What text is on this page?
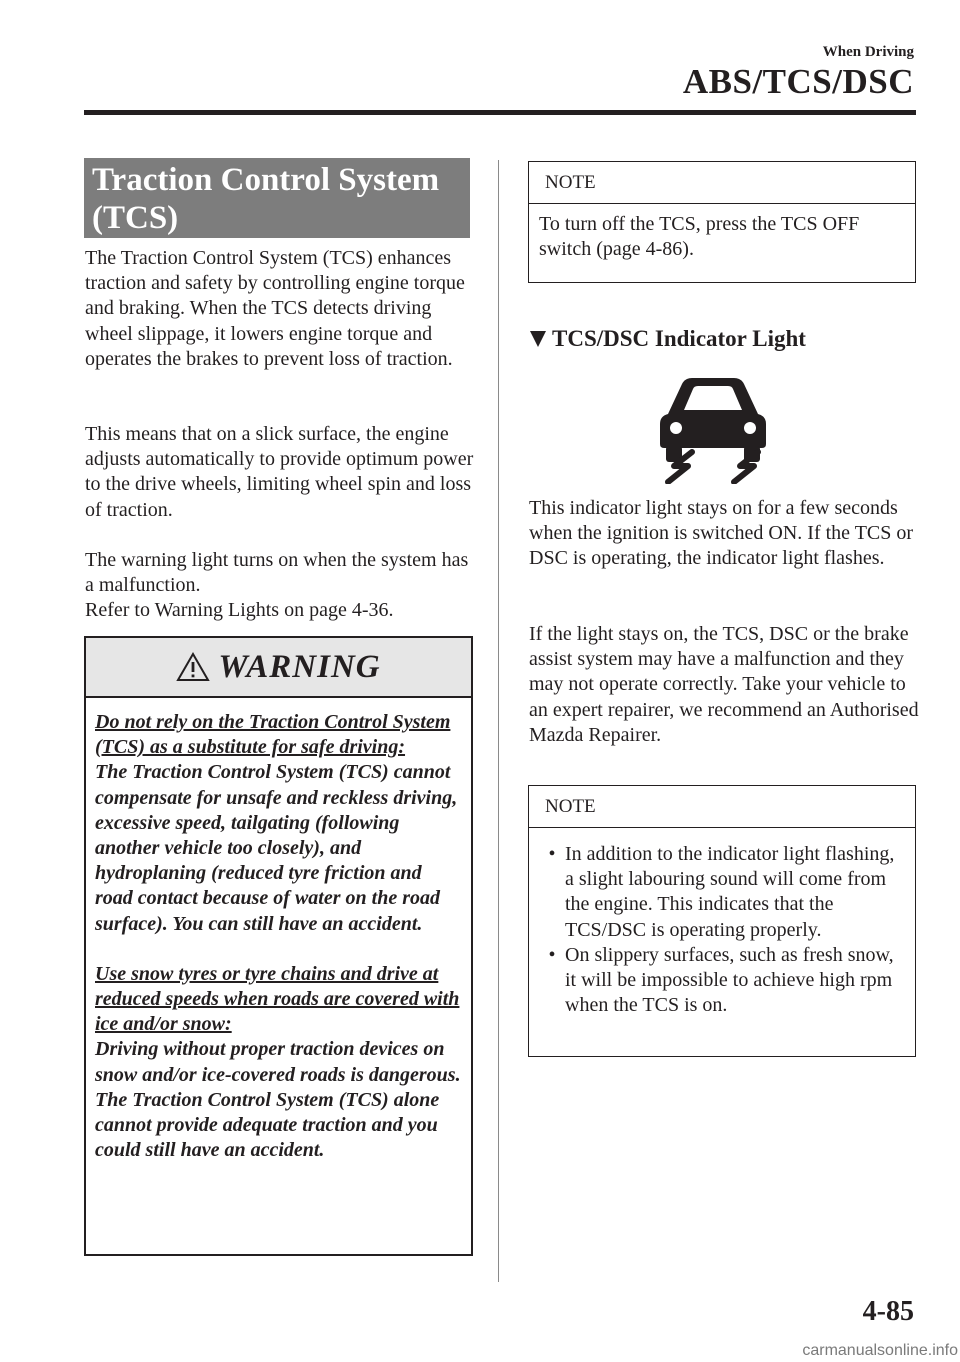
When Driving
ABS/TCS/DSC
Traction Control System
(TCS)
The Traction Control System (TCS) enhances traction and safety by controlling engine torque and braking. When the TCS detects driving wheel slippage, it lowers engine torque and operates the brakes to prevent loss of traction.
This means that on a slick surface, the engine adjusts automatically to provide optimum power to the drive wheels, limiting wheel spin and loss of traction.
The warning light turns on when the system has a malfunction.
Refer to Warning Lights on page 4-36.
WARNING
Do not rely on the Traction Control System (TCS) as a substitute for safe driving:
The Traction Control System (TCS) cannot compensate for unsafe and reckless driving, excessive speed, tailgating (following another vehicle too closely), and hydroplaning (reduced tyre friction and road contact because of water on the road surface). You can still have an accident.
Use snow tyres or tyre chains and drive at reduced speeds when roads are covered with ice and/or snow:
Driving without proper traction devices on snow and/or ice-covered roads is dangerous. The Traction Control System (TCS) alone cannot provide adequate traction and you could still have an accident.
NOTE
To turn off the TCS, press the TCS OFF switch (page 4-86).
TCS/DSC Indicator Light
This indicator light stays on for a few seconds when the ignition is switched ON. If the TCS or DSC is operating, the indicator light flashes.
If the light stays on, the TCS, DSC or the brake assist system may have a malfunction and they may not operate correctly. Take your vehicle to an expert repairer, we recommend an Authorised Mazda Repairer.
NOTE
• In addition to the indicator light flashing, a slight labouring sound will come from the engine. This indicates that the TCS/DSC is operating properly.
• On slippery surfaces, such as fresh snow, it will be impossible to achieve high rpm when the TCS is on.
4-85
carmanualsonline.info
